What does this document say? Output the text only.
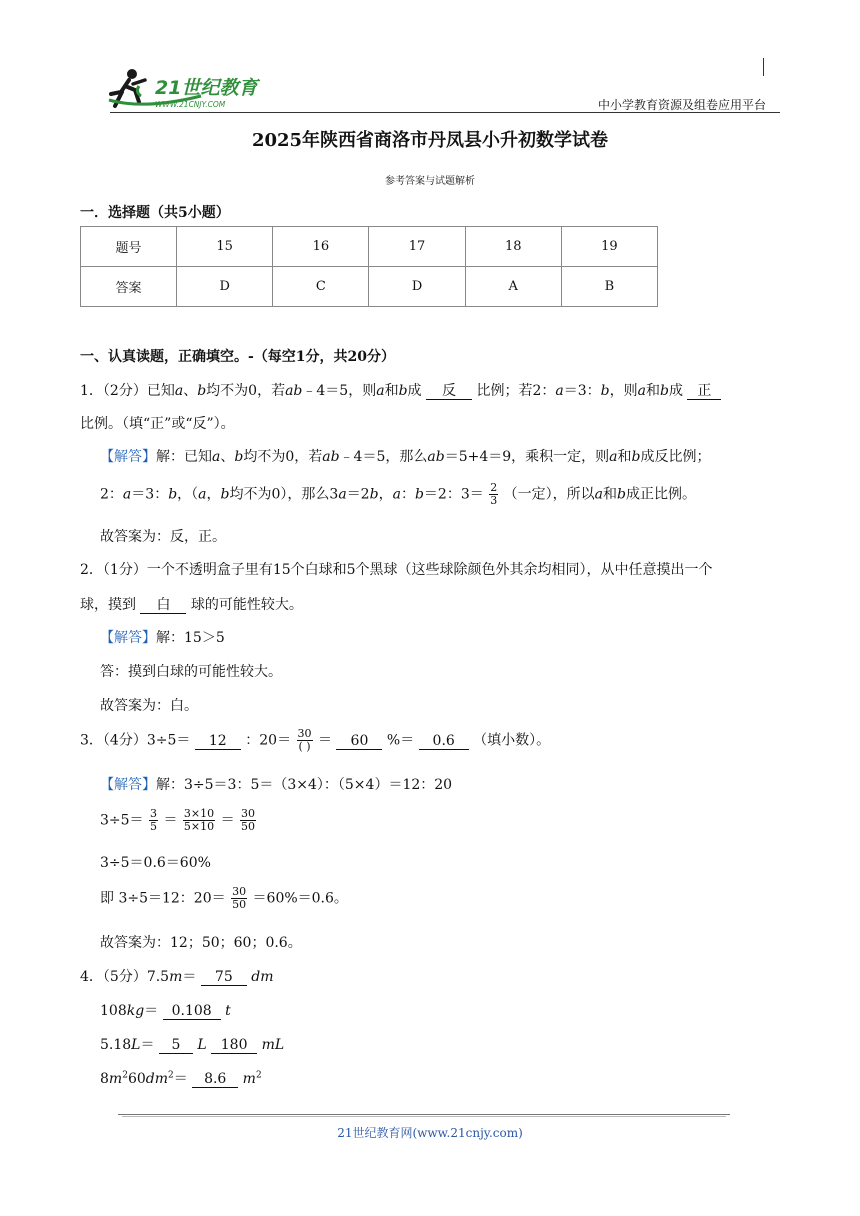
21世纪教育
WWW.21CNJY.COM	中小学教育资源及组卷应用平台
2025年陕西省商洛市丹凤县小升初数学试卷
参考答案与试题解析
一．选择题（共5小题）
题号	15	16	17	18	19
答案	D	C	D	A	B
一、认真读题，正确填空。-（每空1分，共20分）
1．（2分）已知a、b均不为0，若ab﹣4＝5，则a和b成 反 比例；若2：a＝3：b，则a和b成 正
比例。（填“正”或“反”）。
【解答】解：已知a、b均不为0，若ab﹣4＝5，那么ab＝5+4＝9，乘积一定，则a和b成反比例；
2：a＝3：b，（a，b均不为0），那么3a＝2b，a：b＝2：$3= \frac{2}{3}$ （一定），所以a和b成正比例。
故答案为：反，正。
2．（1分）一个不透明盒子里有15个白球和5个黑球（这些球除颜色外其余均相同），从中任意摸出一个
球，摸到 白 球的可能性较大。
【解答】解：15＞5
答：摸到白球的可能性较大。
故答案为：白。
3．（4分）3÷5＝ 12 ：$20= \frac{30}{( )} = 60$ %＝ 0.6 （填小数）。
【解答】解：3÷5＝3：5＝（3×4）：（5×4）＝12：20
$3\div 5= \frac{3}{5} = \frac{3\times 10}{5\times 10} = \frac{30}{50}$
3÷5＝0.6＝60%
即 3÷5＝12：$20= \frac{30}{50} =60\%=0.6$。
故答案为：12；50；60；0.6。
4．（5分）7.5m＝ 75 dm
108kg＝ 0.108 t
5.18L＝ 5 L 180 mL
$8m^260dm^2= 8.6$ $m^2$
21世纪教育网(www.21cnjy.com)
